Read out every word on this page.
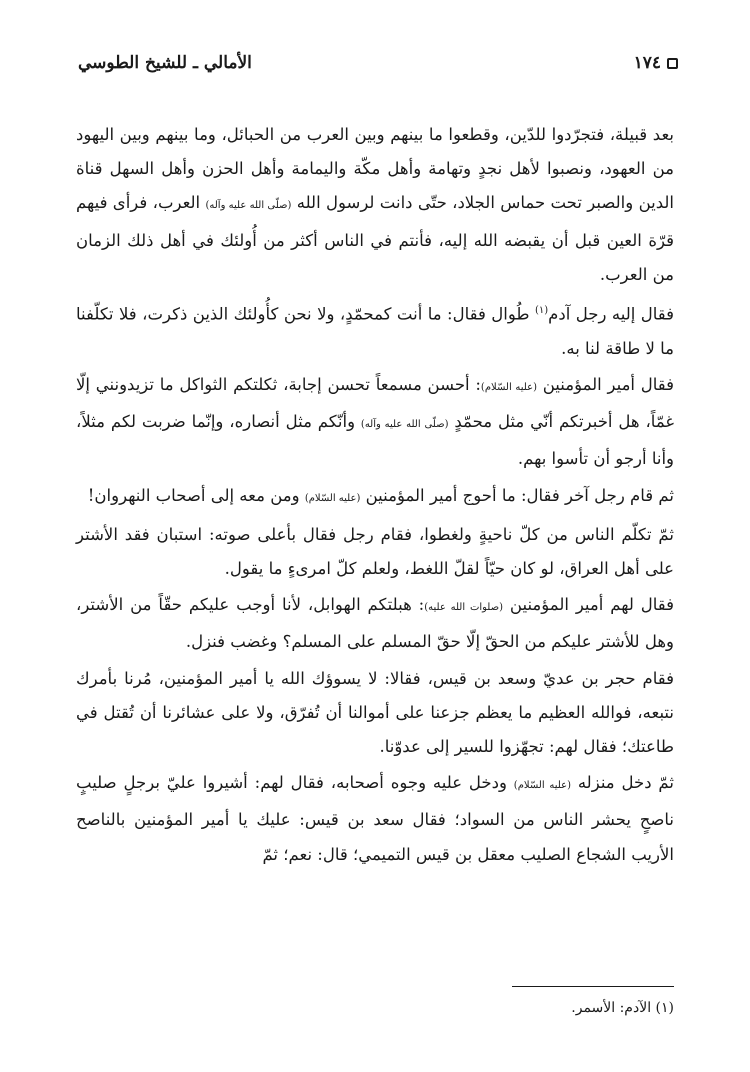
١٧٤
الأمالي ـ للشيخ الطوسي

بعد قبيلة، فتجرّدوا للدّين، وقطعوا ما بينهم وبين العرب من الحبائل، وما بينهم وبين اليهود من العهود، ونصبوا لأهل نجدٍ وتهامة وأهل مكّة واليمامة وأهل الحزن وأهل السهل قناة الدين والصبر تحت حماس الجلاد، حتّى دانت لرسول الله (صلّى الله عليه وآله) العرب، فرأى فيهم قرّة العين قبل أن يقبضه الله إليه، فأنتم في الناس أكثر من أُولئك في أهل ذلك الزمان من العرب.

فقال إليه رجل آدم$^{(١)}$ طُوال فقال: ما أنت كمحمّدٍ، ولا نحن كأُولئك الذين ذكرت، فلا تكلّفنا ما لا طاقة لنا به.

فقال أمير المؤمنين (عليه السّلام): أحسن مسمعاً تحسن إجابة، ثكلتكم الثواكل ما تزيدونني إلّا غمّاً، هل أخبرتكم أنّي مثل محمّدٍ (صلّى الله عليه وآله) وأنّكم مثل أنصاره، وإنّما ضربت لكم مثلاً، وأنا أرجو أن تأسوا بهم.

ثم قام رجل آخر فقال: ما أحوج أمير المؤمنين (عليه السّلام) ومن معه إلى أصحاب النهروان!

ثمّ تكلّم الناس من كلّ ناحيةٍ ولغطوا، فقام رجل فقال بأعلى صوته: استبان فقد الأشتر على أهل العراق، لو كان حيّاً لقلّ اللغط، ولعلم كلّ امرىءٍ ما يقول.

فقال لهم أمير المؤمنين (صلوات الله عليه): هبلتكم الهوابل، لأنا أوجب عليكم حقّاً من الأشتر، وهل للأشتر عليكم من الحقّ إلّا حقّ المسلم على المسلم؟ وغضب فنزل.

فقام حجر بن عديّ وسعد بن قيس، فقالا: لا يسوؤك الله يا أمير المؤمنين، مُرنا بأمرك نتبعه، فوالله العظيم ما يعظم جزعنا على أموالنا أن تُفرّق، ولا على عشائرنا أن تُقتل في طاعتك؛ فقال لهم: تجهّزوا للسير إلى عدوّنا.

ثمّ دخل منزله (عليه السّلام) ودخل عليه وجوه أصحابه، فقال لهم: أشيروا عليّ برجلٍ صليبٍ ناصحٍ يحشر الناس من السواد؛ فقال سعد بن قيس: عليك يا أمير المؤمنين بالناصح الأريب الشجاع الصليب معقل بن قيس التميمي؛ قال: نعم؛ ثمّ

(١) الآدم: الأسمر.
